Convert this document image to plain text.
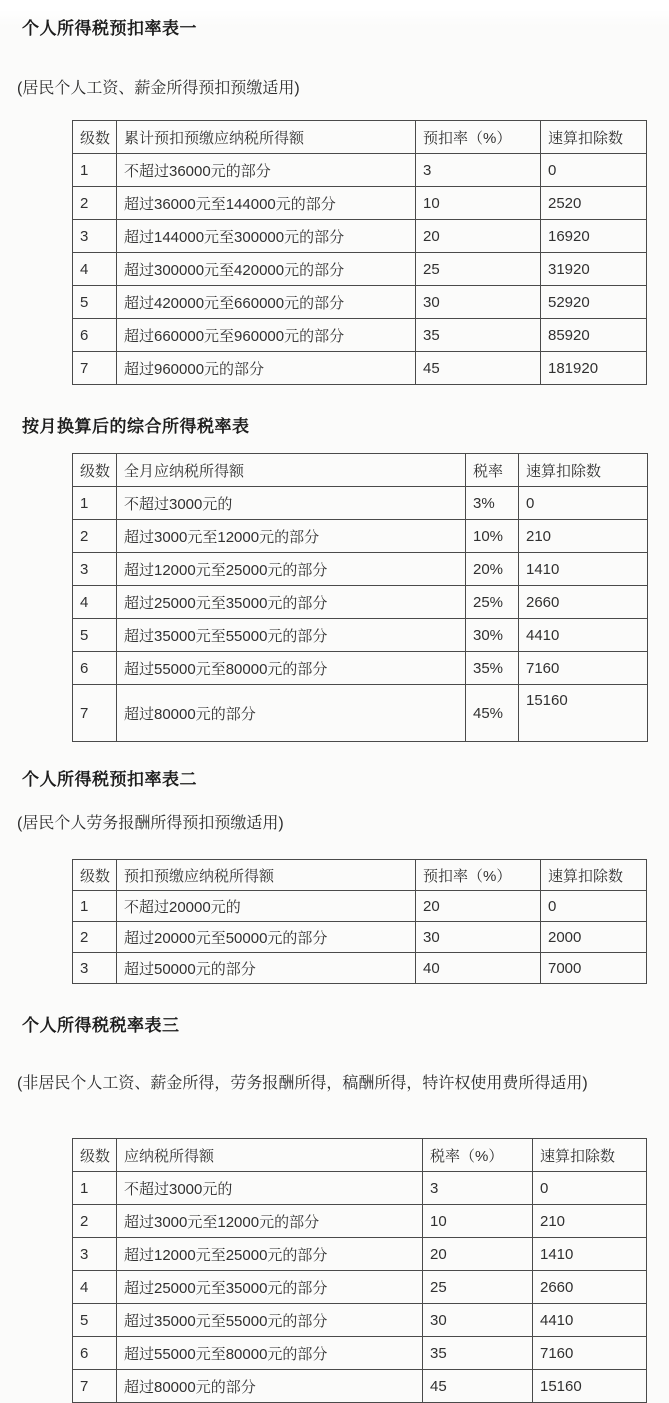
个人所得税预扣率表一

(居民个人工资、薪金所得预扣预缴适用)

级数	累计预扣预缴应纳税所得额	预扣率（%）	速算扣除数
1	不超过36000元的部分	3	0
2	超过36000元至144000元的部分	10	2520
3	超过144000元至300000元的部分	20	16920
4	超过300000元至420000元的部分	25	31920
5	超过420000元至660000元的部分	30	52920
6	超过660000元至960000元的部分	35	85920
7	超过960000元的部分	45	181920
按月换算后的综合所得税率表
级数	全月应纳税所得额	税率	速算扣除数
1	不超过3000元的	3%	0
2	超过3000元至12000元的部分	10%	210
3	超过12000元至25000元的部分	20%	1410
4	超过25000元至35000元的部分	25%	2660
5	超过35000元至55000元的部分	30%	4410
6	超过55000元至80000元的部分	35%	7160
7	超过80000元的部分	45%	15160
个人所得税预扣率表二

(居民个人劳务报酬所得预扣预缴适用)

级数	预扣预缴应纳税所得额	预扣率（%）	速算扣除数
1	不超过20000元的	20	0
2	超过20000元至50000元的部分	30	2000
3	超过50000元的部分	40	7000
个人所得税税率表三

(非居民个人工资、薪金所得，劳务报酬所得，稿酬所得，特许权使用费所得适用)

级数	应纳税所得额	税率（%）	速算扣除数
1	不超过3000元的	3	0
2	超过3000元至12000元的部分	10	210
3	超过12000元至25000元的部分	20	1410
4	超过25000元至35000元的部分	25	2660
5	超过35000元至55000元的部分	30	4410
6	超过55000元至80000元的部分	35	7160
7	超过80000元的部分	45	15160
